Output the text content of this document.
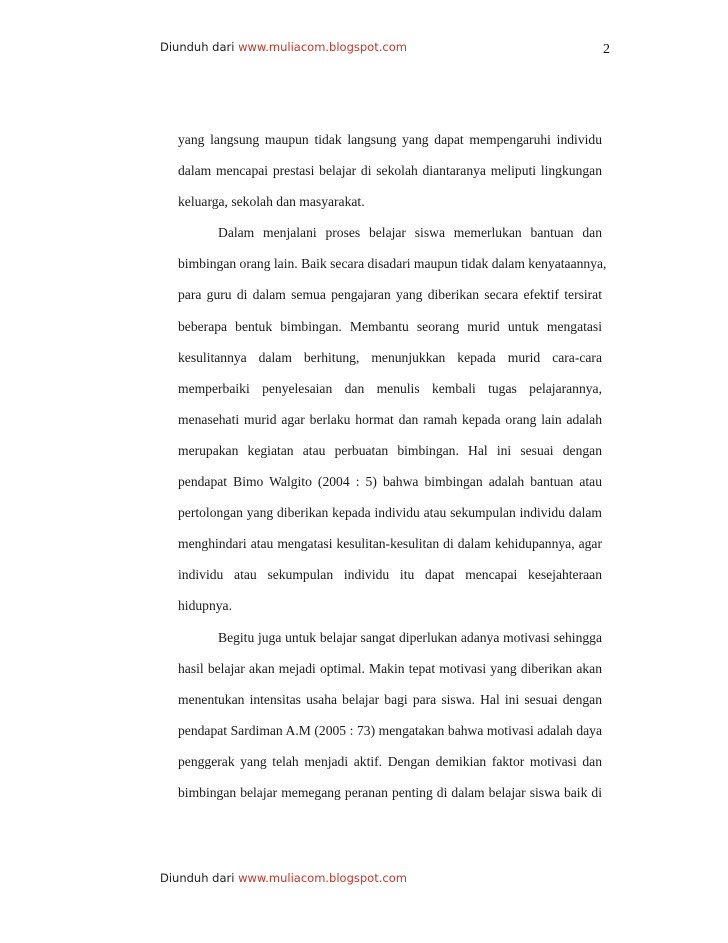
Diunduh dari www.muliacom.blogspot.com	2
yang langsung maupun tidak langsung yang dapat mempengaruhi individu
dalam mencapai prestasi belajar di sekolah diantaranya meliputi lingkungan
keluarga, sekolah dan masyarakat.
Dalam menjalani proses belajar siswa memerlukan bantuan dan
bimbingan orang lain. Baik secara disadari maupun tidak dalam kenyataannya,
para guru di dalam semua pengajaran yang diberikan secara efektif tersirat
beberapa bentuk bimbingan. Membantu seorang murid untuk mengatasi
kesulitannya dalam berhitung, menunjukkan kepada murid cara-cara
memperbaiki penyelesaian dan menulis kembali tugas pelajarannya,
menasehati murid agar berlaku hormat dan ramah kepada orang lain adalah
merupakan kegiatan atau perbuatan bimbingan. Hal ini sesuai dengan
pendapat Bimo Walgito (2004 : 5) bahwa bimbingan adalah bantuan atau
pertolongan yang diberikan kepada individu atau sekumpulan individu dalam
menghindari atau mengatasi kesulitan-kesulitan di dalam kehidupannya, agar
individu atau sekumpulan individu itu dapat mencapai kesejahteraan
hidupnya.
Begitu juga untuk belajar sangat diperlukan adanya motivasi sehingga
hasil belajar akan mejadi optimal. Makin tepat motivasi yang diberikan akan
menentukan intensitas usaha belajar bagi para siswa. Hal ini sesuai dengan
pendapat Sardiman A.M (2005 : 73) mengatakan bahwa motivasi adalah daya
penggerak yang telah menjadi aktif. Dengan demikian faktor motivasi dan
bimbingan belajar memegang peranan penting di dalam belajar siswa baik di
Diunduh dari www.muliacom.blogspot.com
